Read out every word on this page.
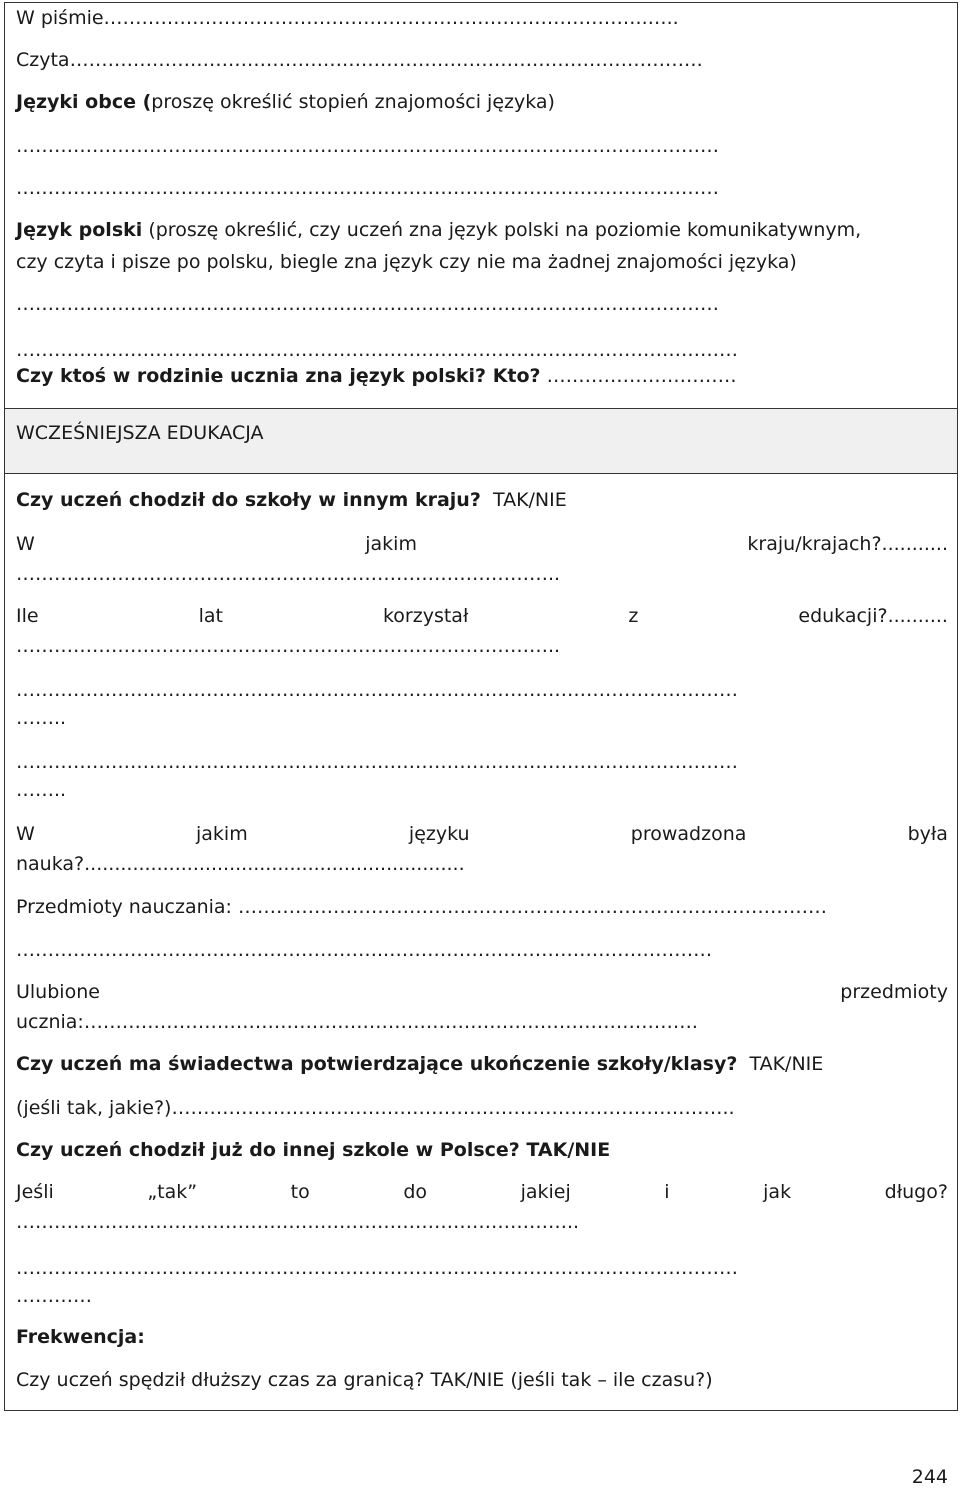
W piśmie…………………………………………………………………………..…..
Czyta……………………………………………………………………………………….
Języki obce (proszę określić stopień znajomości języka)
…………………………………………………………………………………………………
…………………………………………………………………………………………………
Język polski (proszę określić, czy uczeń zna język polski na poziomie komunikatywnym,
czy czyta i pisze po polsku, biegle zna język czy nie ma żadnej znajomości języka)
…………………………………………………………………………………………………
……………………………………………………………………………………………………
Czy ktoś w rodzinie ucznia zna język polski? Kto? …………………………
WCZEŚNIEJSZA EDUKACJA
Czy uczeń chodził do szkoły w innym kraju? TAK/NIE
W	jakim	kraju/krajach?...........
…………………………………………………………………………..
Ile	lat	korzystał	z	edukacji?..........
…………………………………………………………………………..
……………………………………………………………………………………………………
……..
……………………………………………………………………………………………………
……..
W	jakim	języku	prowadzona	była
nauka?...............................................................
Przedmioty nauczania: …………………………………………………………………………………
…………………………………………………..……………………………………………
Ulubione	przedmioty
ucznia:…………………………………………………………………………………….
Czy uczeń ma świadectwa potwierdzające ukończenie szkoły/klasy? TAK/NIE
(jeśli tak, jakie?)……………………………………………………………………………..
Czy uczeń chodził już do innej szkole w Polsce? TAK/NIE
Jeśli	„tak”	to	do	jakiej	i	jak	długo?
……………………………………………………………………………..
……………………………………………………………………………………………………
…………
Frekwencja:
Czy uczeń spędził dłuższy czas za granicą? TAK/NIE (jeśli tak – ile czasu?)
244
